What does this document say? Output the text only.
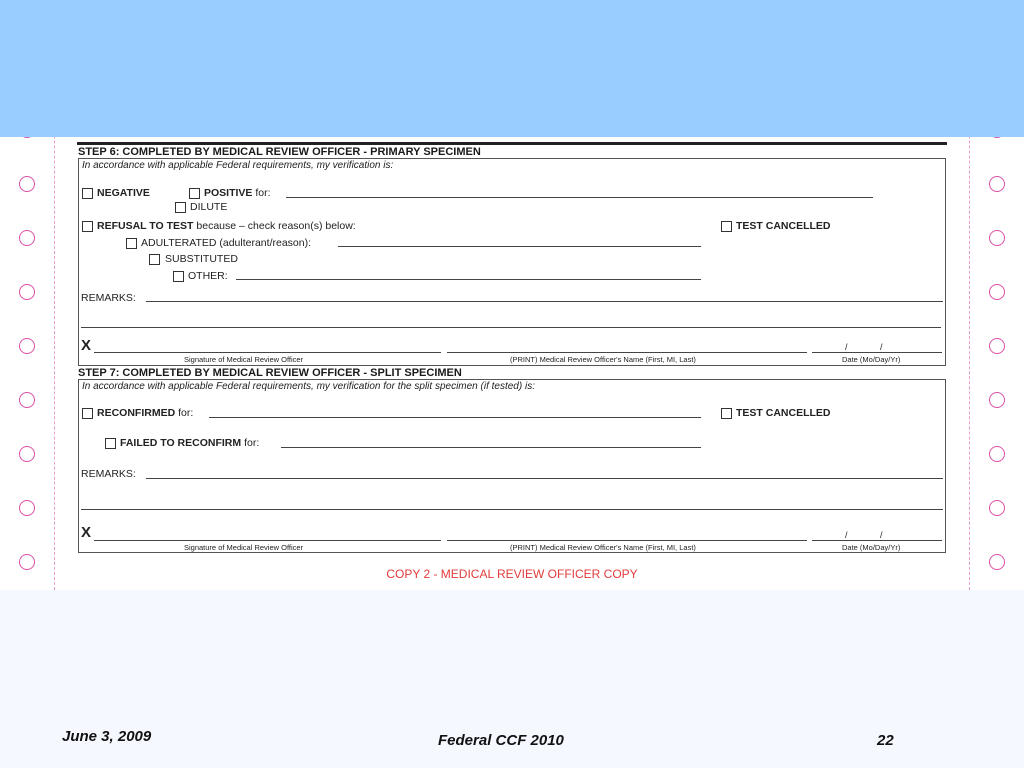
STEP 6: COMPLETED BY MEDICAL REVIEW OFFICER - PRIMARY SPECIMEN
In accordance with applicable Federal requirements, my verification is:
NEGATIVE	POSITIVE for:
DILUTE
REFUSAL TO TEST because – check reason(s) below:	TEST CANCELLED
ADULTERATED (adulterant/reason):
SUBSTITUTED
OTHER:
REMARKS:
X	/	/
Signature of Medical Review Officer	(PRINT) Medical Review Officer's Name (First, MI, Last)	Date (Mo/Day/Yr)
STEP 7: COMPLETED BY MEDICAL REVIEW OFFICER - SPLIT SPECIMEN
In accordance with applicable Federal requirements, my verification for the split specimen (if tested) is:
RECONFIRMED for:	TEST CANCELLED
FAILED TO RECONFIRM for:
REMARKS:
X	/	/
Signature of Medical Review Officer	(PRINT) Medical Review Officer's Name (First, MI, Last)	Date (Mo/Day/Yr)
COPY 2 - MEDICAL REVIEW OFFICER COPY
June 3, 2009	Federal CCF 2010	22
